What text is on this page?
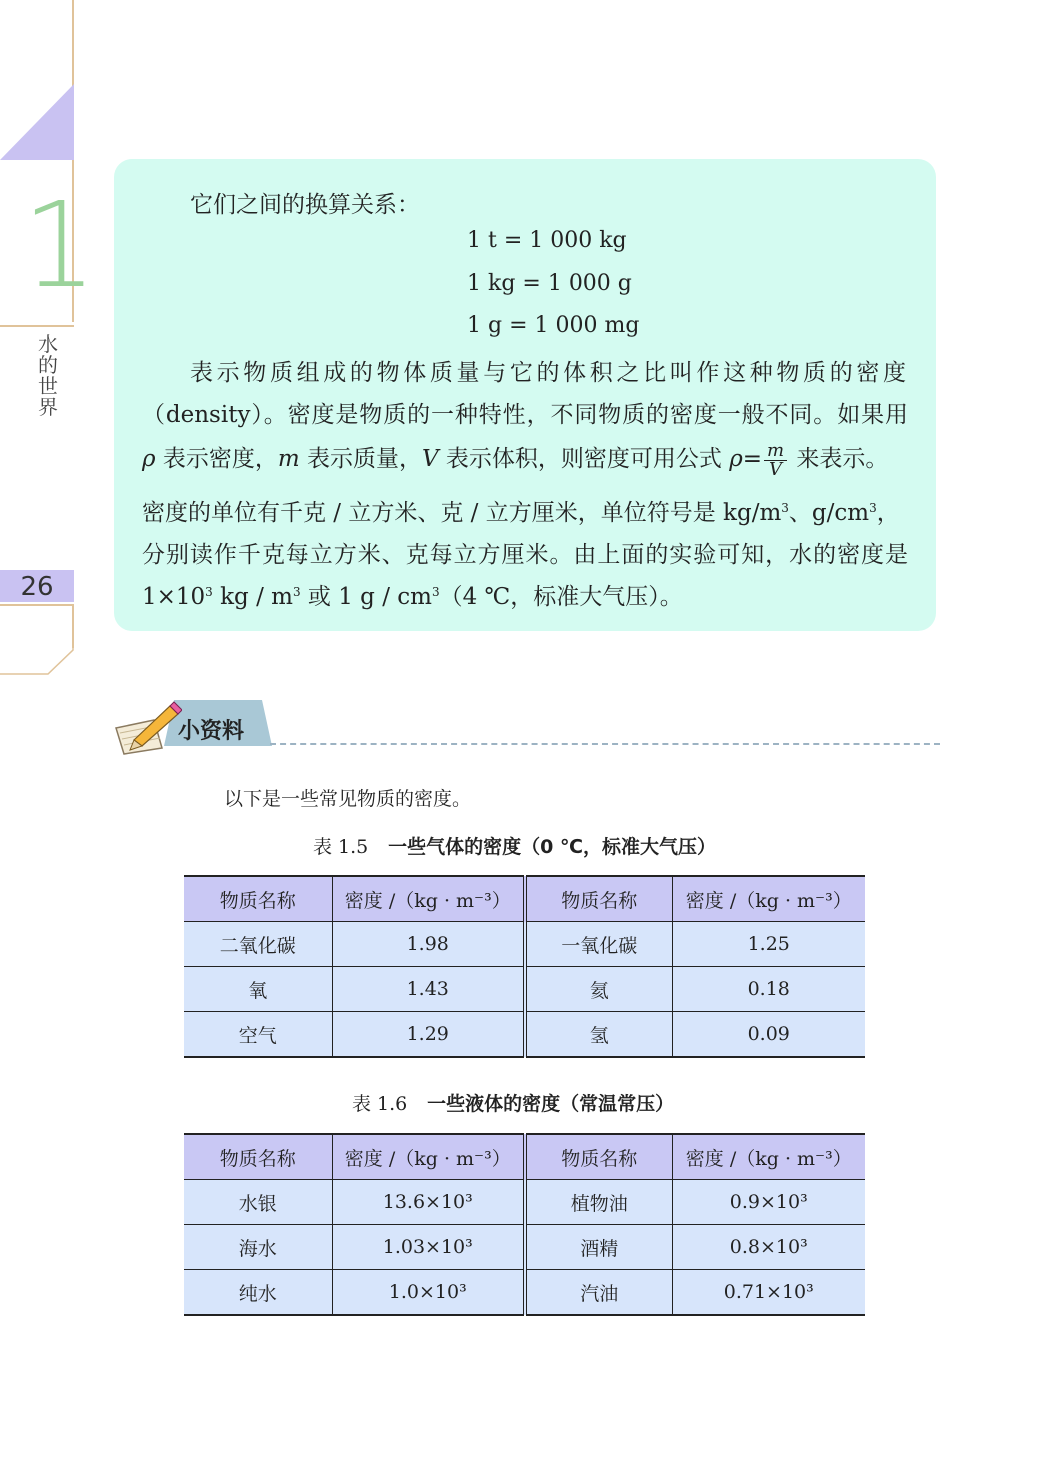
1
水的世界
26
它们之间的换算关系：
1 t = 1 000 kg
1 kg = 1 000 g
1 g = 1 000 mg
表示物质组成的物体质量与它的体积之比叫作这种物质的密度
（density）。密度是物质的一种特性，不同物质的密度一般不同。如果用
ρ 表示密度，m 表示质量，V 表示体积，则密度可用公式 $\rho= \frac{m}{V}$ 来表示。
密度的单位有千克 / 立方米、克 / 立方厘米，单位符号是 $kg/m^3$、$g/cm^3$，
分别读作千克每立方米、克每立方厘米。由上面的实验可知，水的密度是
$1\times 10^3$ kg / $m^3$ 或 1 g / $cm^3(4$ ℃，标准大气压）。
小资料
以下是一些常见物质的密度。
表 1.5 一些气体的密度（0 ℃，标准大气压）
物质名称	密度 /（kg · m⁻³）	物质名称	密度 /（kg · m⁻³）
二氧化碳	1.98	一氧化碳	1.25
氧	1.43	氦	0.18
空气	1.29	氢	0.09
表 1.6 一些液体的密度（常温常压）
物质名称	密度 /（kg · m⁻³）	物质名称	密度 /（kg · m⁻³）
水银	13.6×10³	植物油	0.9×10³
海水	1.03×10³	酒精	0.8×10³
纯水	1.0×10³	汽油	0.71×10³
